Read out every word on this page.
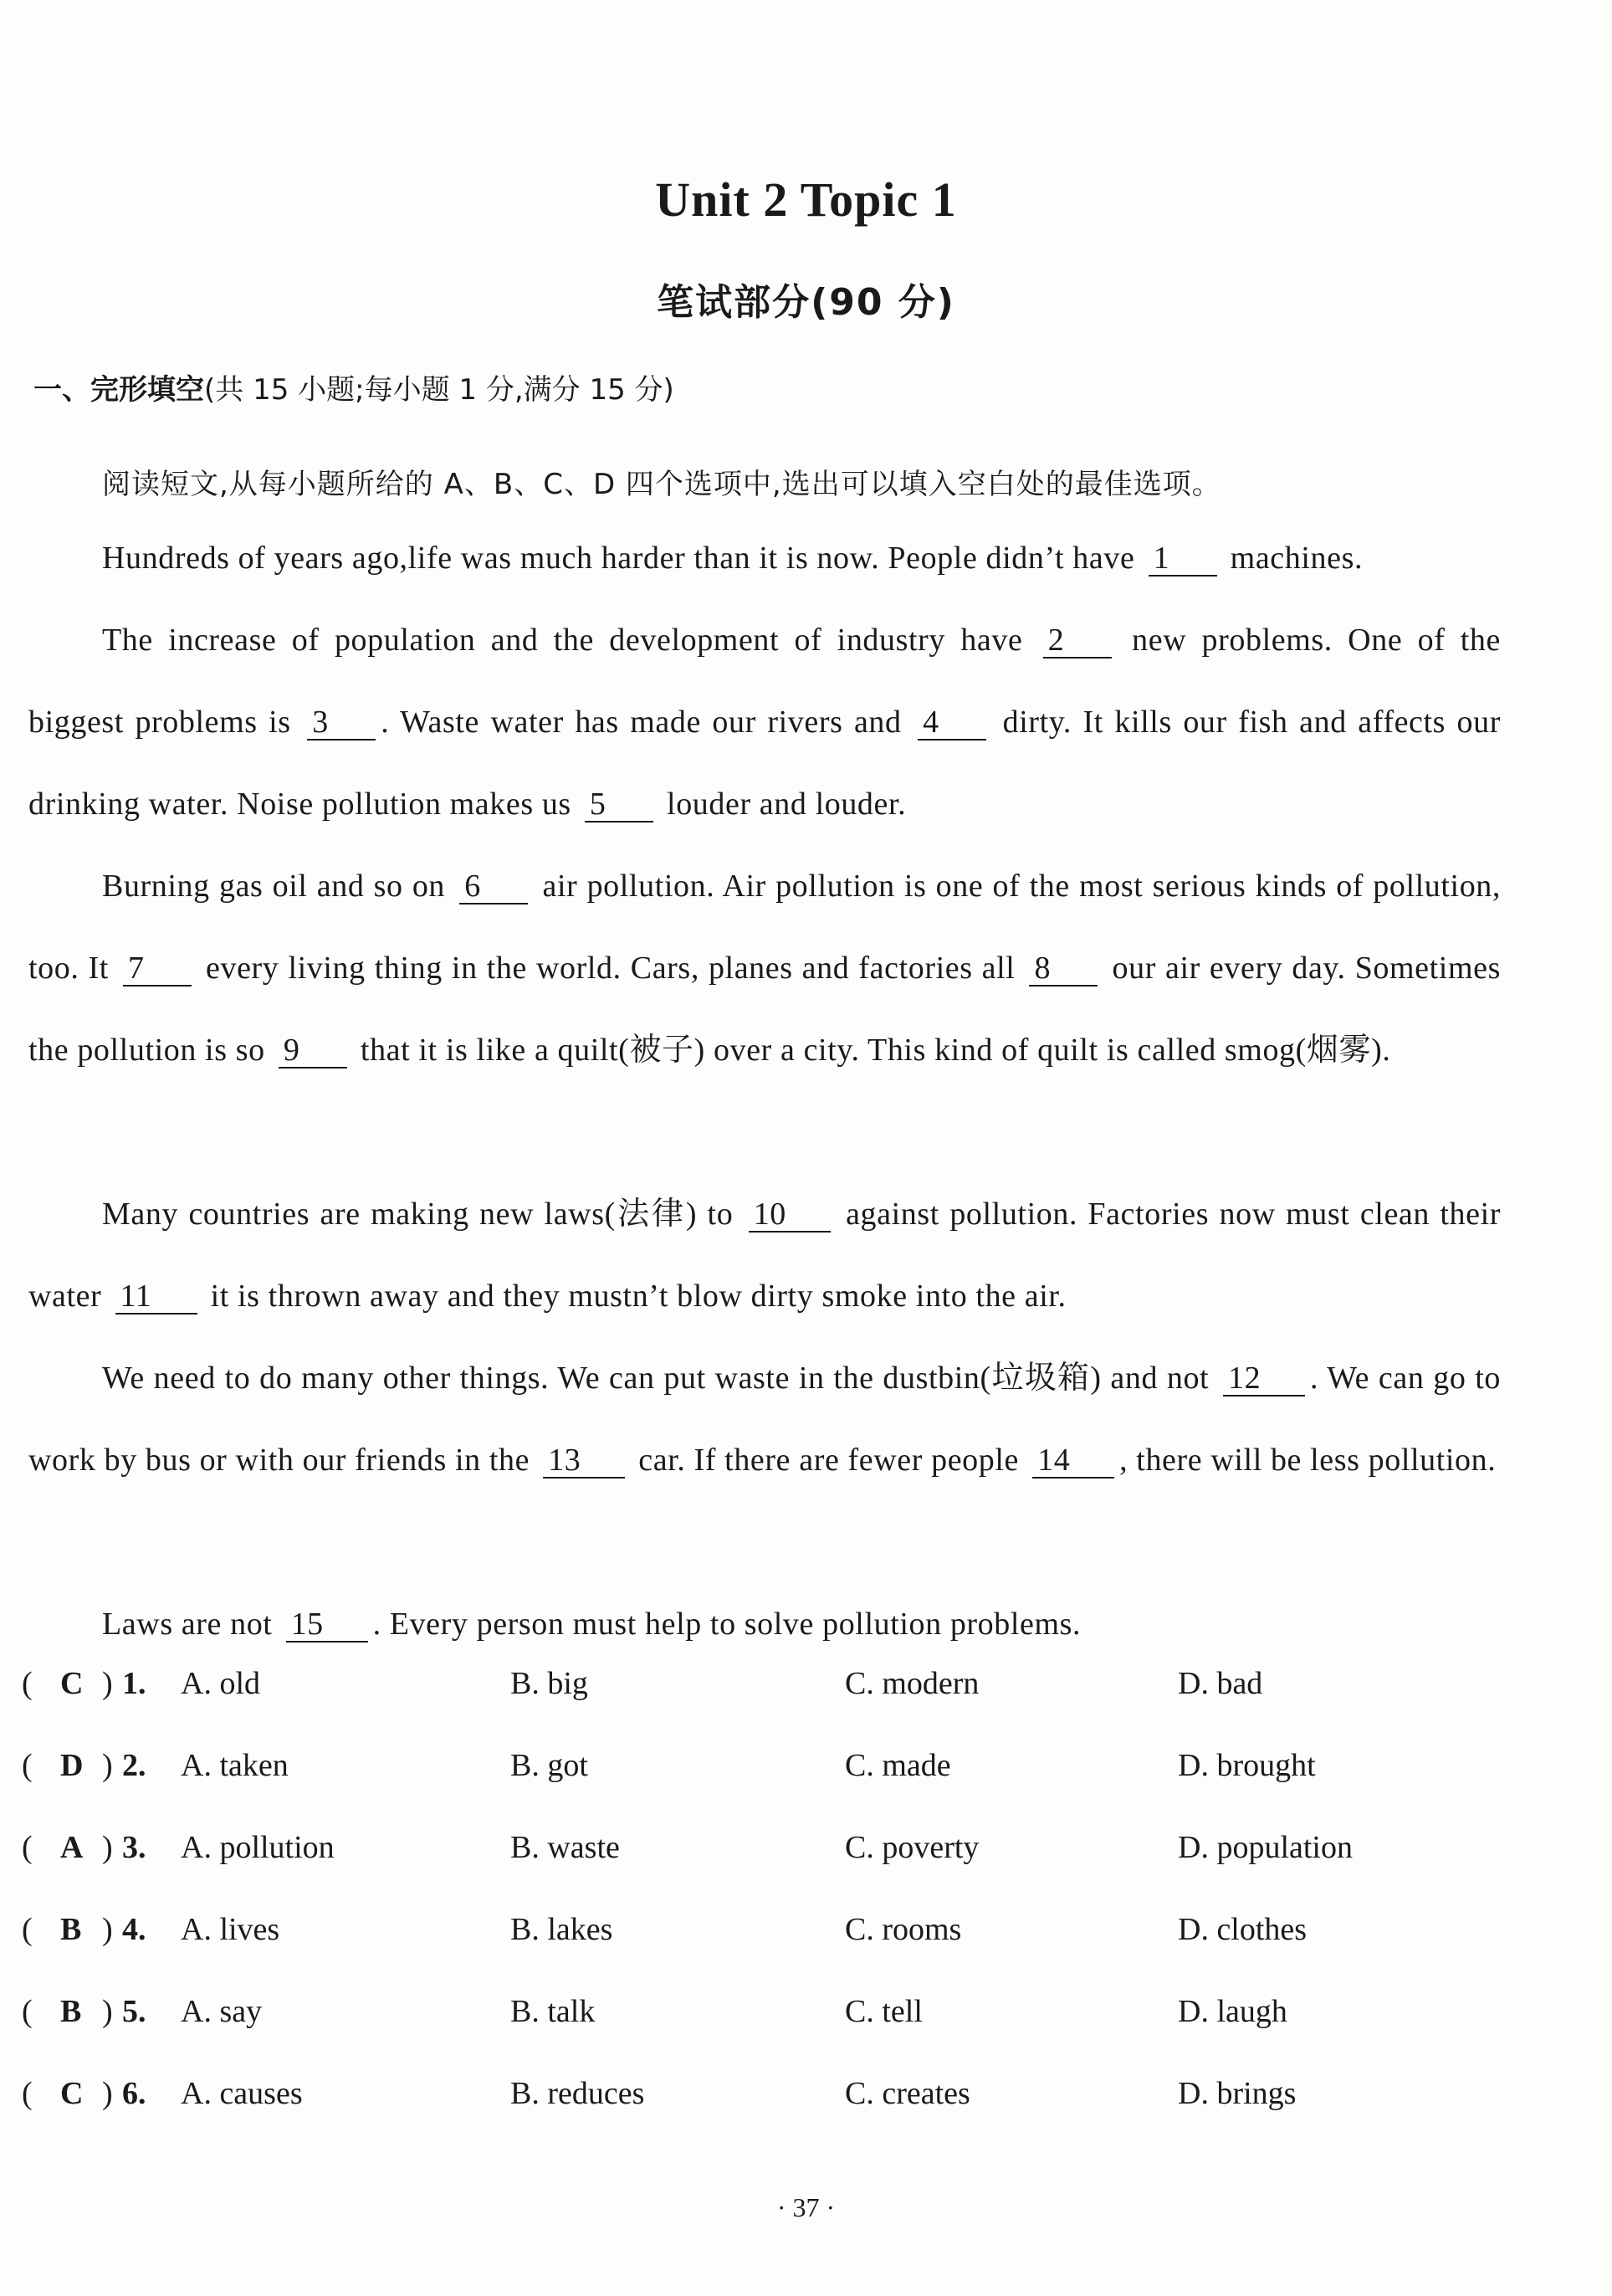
Unit 2 Topic 1
笔试部分(90 分)
一、完形填空(共 15 小题;每小题 1 分,满分 15 分)
阅读短文,从每小题所给的 A、B、C、D 四个选项中,选出可以填入空白处的最佳选项。
Hundreds of years ago,life was much harder than it is now. People didn’t have 1 machines.
The increase of population and the development of industry have 2 new problems. One of the biggest problems is 3 . Waste water has made our rivers and 4 dirty. It kills our fish and affects our drinking water. Noise pollution makes us 5 louder and louder.
Burning gas oil and so on 6 air pollution. Air pollution is one of the most serious kinds of pollution, too. It 7 every living thing in the world. Cars, planes and factories all 8 our air every day. Sometimes the pollution is so 9 that it is like a quilt(被子) over a city. This kind of quilt is called smog(烟雾).
Many countries are making new laws(法律) to 10 against pollution. Factories now must clean their water 11 it is thrown away and they mustn’t blow dirty smoke into the air.
We need to do many other things. We can put waste in the dustbin(垃圾箱) and not 12 . We can go to work by bus or with our friends in the 13 car. If there are fewer people 14 , there will be less pollution.
Laws are not 15 . Every person must help to solve pollution problems.
( C ) 1. A. old	B. big	C. modern	D. bad
( D ) 2. A. taken	B. got	C. made	D. brought
( A ) 3. A. pollution	B. waste	C. poverty	D. population
( B ) 4. A. lives	B. lakes	C. rooms	D. clothes
( B ) 5. A. say	B. talk	C. tell	D. laugh
( C ) 6. A. causes	B. reduces	C. creates	D. brings
· 37 ·
